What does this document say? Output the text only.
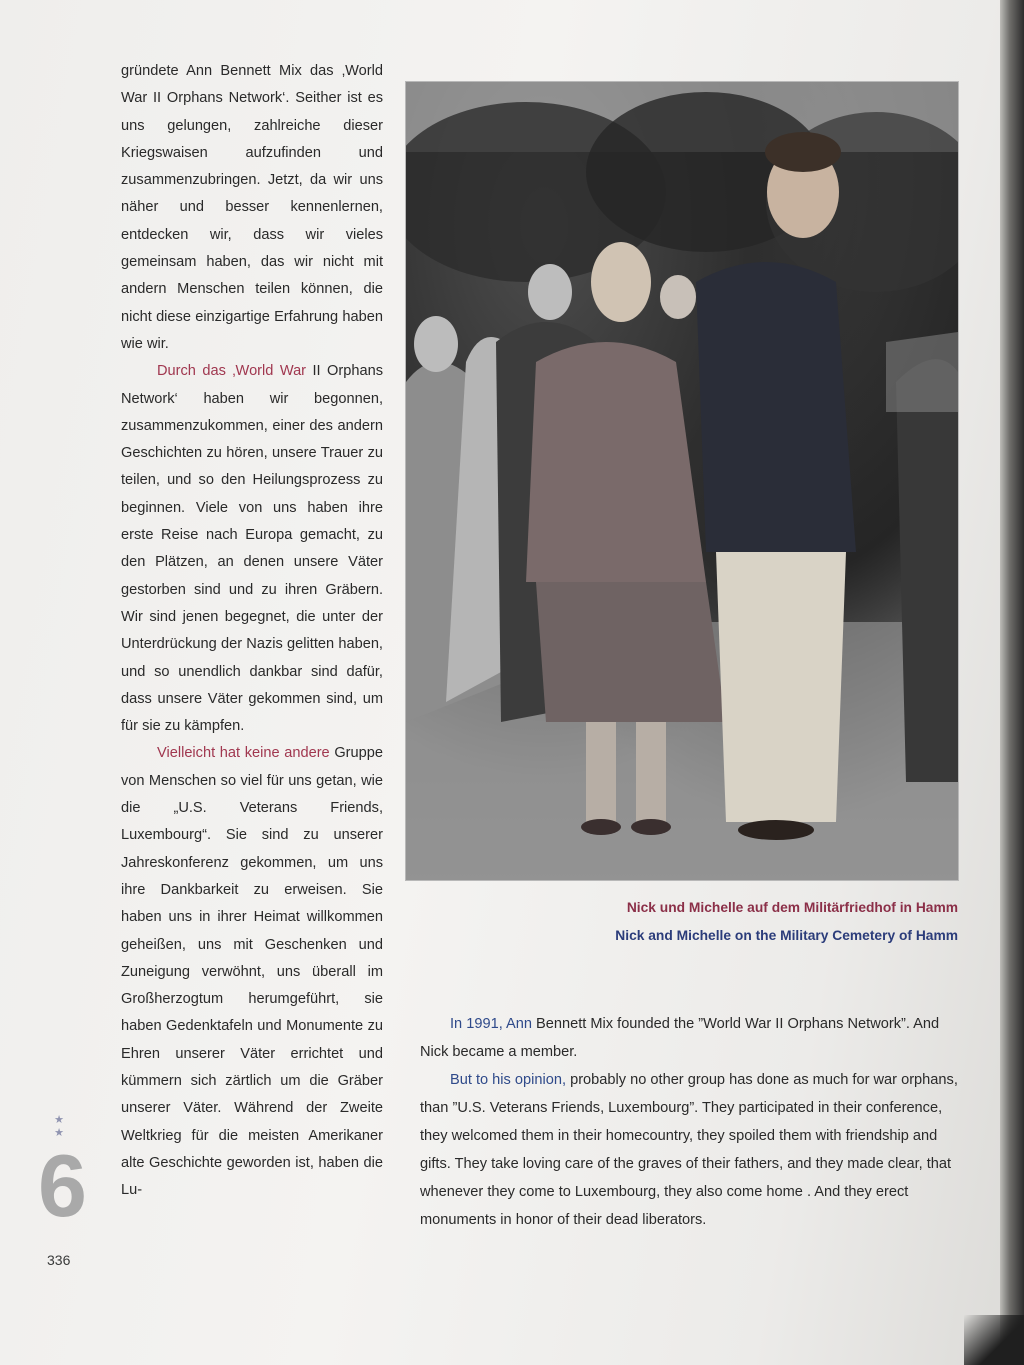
gründete Ann Bennett Mix das ‚World War II Orphans Network‘. Seither ist es uns gelungen, zahlreiche dieser Kriegswaisen aufzufinden und zusammenzubringen. Jetzt, da wir uns näher und besser kennenlernen, entdecken wir, dass wir vieles gemeinsam haben, das wir nicht mit andern Menschen teilen können, die nicht diese einzigartige Erfahrung haben wie wir.

Durch das ‚World War II Orphans Network‘ haben wir begonnen, zusammenzukommen, einer des andern Geschichten zu hören, unsere Trauer zu teilen, und so den Heilungsprozess zu beginnen. Viele von uns haben ihre erste Reise nach Europa gemacht, zu den Plätzen, an denen unsere Väter gestorben sind und zu ihren Gräbern. Wir sind jenen begegnet, die unter der Unterdrückung der Nazis gelitten haben, und so unendlich dankbar sind dafür, dass unsere Väter gekommen sind, um für sie zu kämpfen.

Vielleicht hat keine andere Gruppe von Menschen so viel für uns getan, wie die „U.S. Veterans Friends, Luxembourg“. Sie sind zu unserer Jahreskonferenz gekommen, um uns ihre Dankbarkeit zu erweisen. Sie haben uns in ihrer Heimat willkommen geheißen, uns mit Geschenken und Zuneigung verwöhnt, uns überall im Großherzogtum herumgeführt, sie haben Gedenktafeln und Monumente zu Ehren unserer Väter errichtet und kümmern sich zärtlich um die Gräber unserer Väter. Während der Zweite Weltkrieg für die meisten Amerikaner alte Geschichte geworden ist, haben die Lu-

Nick und Michelle auf dem Militärfriedhof in Hamm
Nick and Michelle on the Military Cemetery of Hamm

In 1991, Ann Bennett Mix founded the ”World War II Orphans Network”. And Nick became a member.

But to his opinion, probably no other group has done as much for war orphans, than ”U.S. Veterans Friends, Luxembourg”. They participated in their conference, they welcomed them in their homecountry, they spoiled them with friendship and gifts. They take loving care of the graves of their fathers, and they made clear, that whenever they come to Luxembourg, they also come home . And they erect monuments in honor of their dead liberators.

★ ★
6
336
